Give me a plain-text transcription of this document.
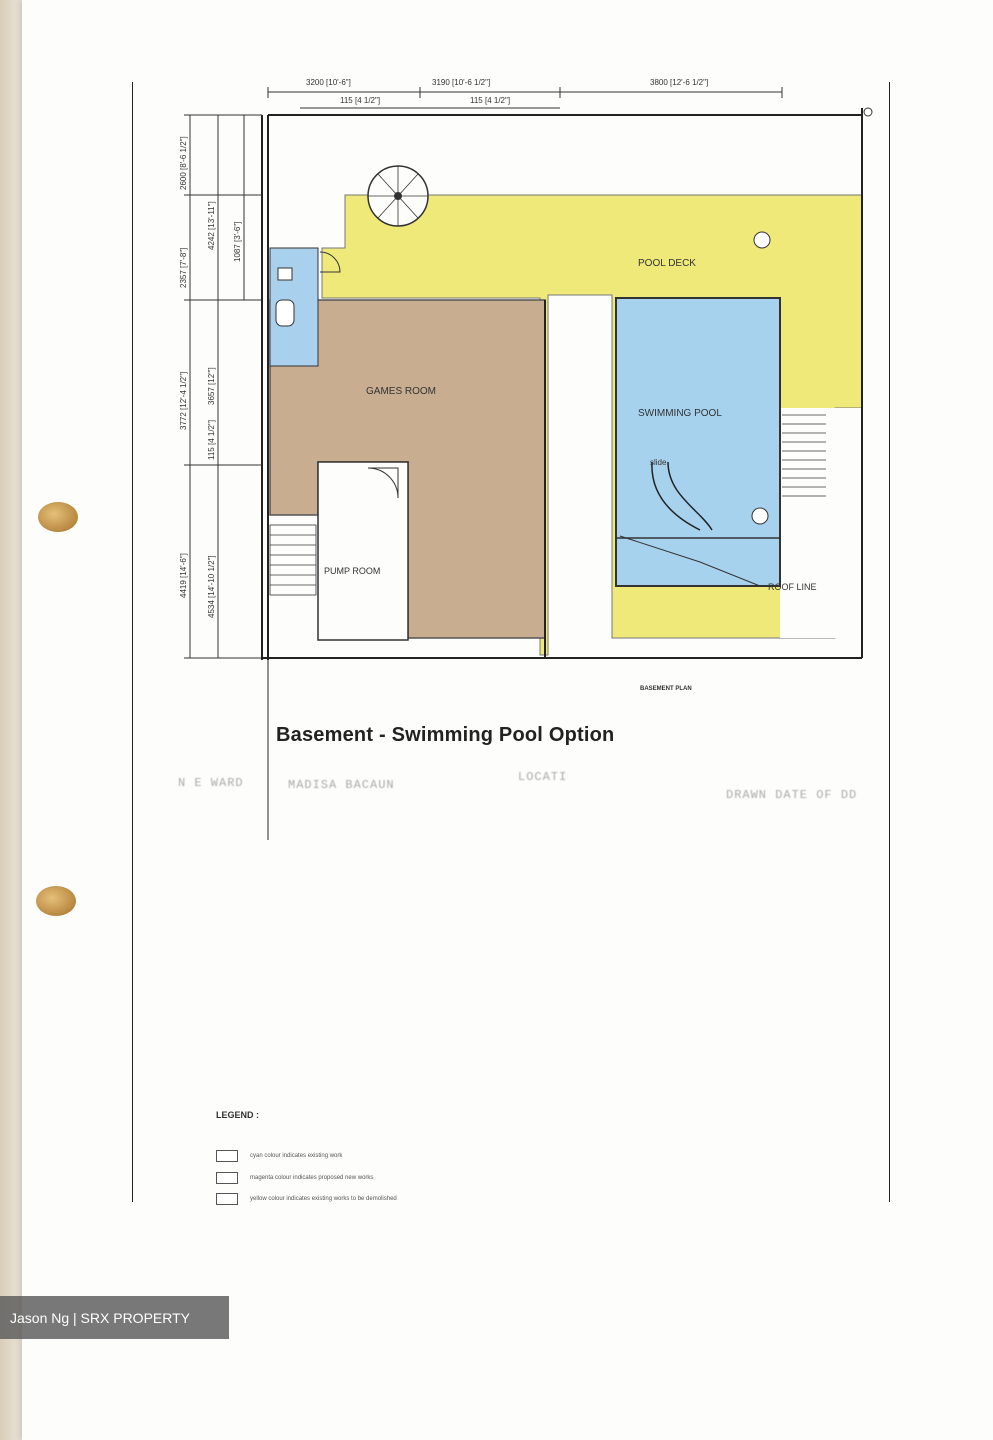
3200 [10'-6"]	3190 [10'-6 1/2"]	3800 [12'-6 1/2"]
115 [4 1/2"]	115 [4 1/2"]
2600 [8'-6 1/2"]
2357 [7'-8"]
3772 [12'-4 1/2"]
4419 [14'-6"]
4242 [13'-11"]
3657 [12'"]
115 [4 1/2"]
4534 [14'-10 1/2"]
1087 [3'-6"]
POOL DECK
GAMES ROOM
SWIMMING POOL
PUMP ROOM
slide
ROOF LINE
BASEMENT PLAN
Basement - Swimming Pool Option
N E WARD	MADISA BACAUN
LOCATI
DRAWN DATE OF DD
LEGEND :
cyan colour indicates existing work
magenta colour indicates proposed new works
yellow colour indicates existing works to be demolished
Jason Ng | SRX PROPERTY
